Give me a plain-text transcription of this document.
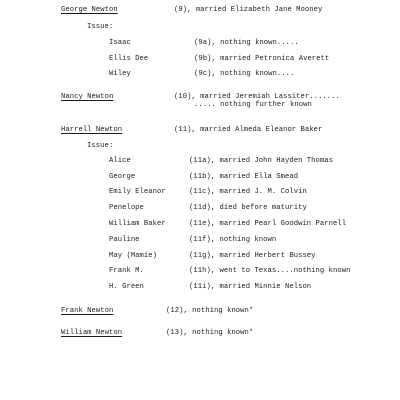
George Newton	(9), married Elizabeth Jane Mooney
Issue:
Isaac	(9a), nothing known.....
Ellis Dee	(9b), married Petronica Averett
Wiley	(9c), nothing known....
Nancy Newton	(10), married Jeremiah Lassiter.......
..... nothing further known
Harrell Newton	(11), married Almeda Eleanor Baker
Issue:
Alice	(11a), married John Hayden Thomas
George	(11b), married Ella Smead
Emily Eleanor	(11c), married J. M. Colvin
Penelope	(11d), died before maturity
William Baker	(11e), married Pearl Goodwin Parnell
Pauline	(11f), nothing known
May (Mamie)	(11g), married Herbert Bussey
Frank M.	(11h), went to Texas....nothing known
H. Green	(11i), married Minnie Nelson
Frank Newton	(12), nothing known*
William Newton	(13), nothing known*
